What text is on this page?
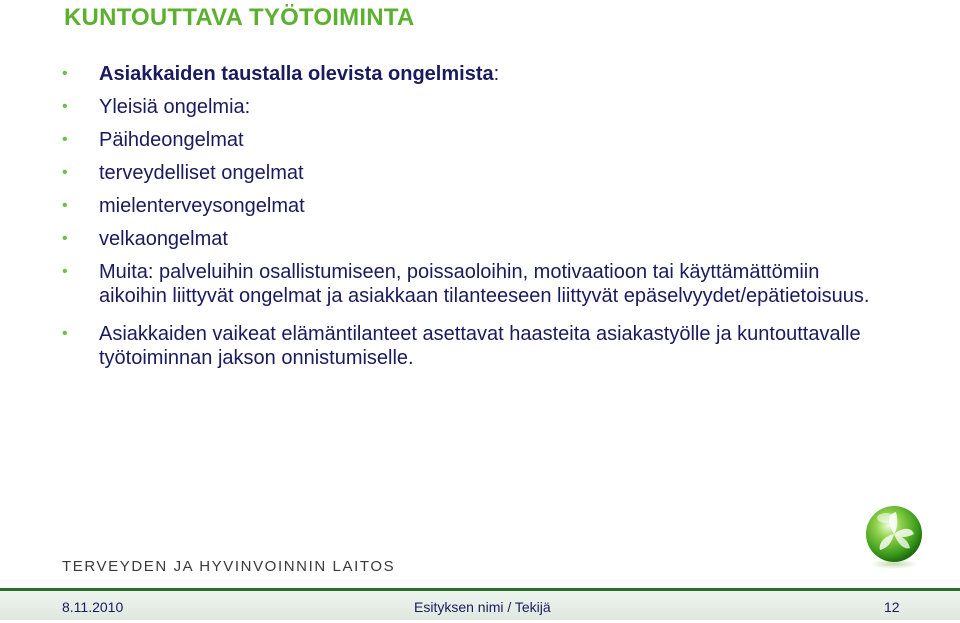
KUNTOUTTAVA TYÖTOIMINTA
• Asiakkaiden taustalla olevista ongelmista:
• Yleisiä ongelmia:
• Päihdeongelmat
• terveydelliset ongelmat
• mielenterveysongelmat
• velkaongelmat
• Muita: palveluihin osallistumiseen, poissaoloihin, motivaatioon tai käyttämättömiin aikoihin liittyvät ongelmat ja asiakkaan tilanteeseen liittyvät epäselvyydet/epätietoisuus.
• Asiakkaiden vaikeat elämäntilanteet asettavat haasteita asiakastyölle ja kuntouttavalle työtoiminnan jakson onnistumiselle.
TERVEYDEN JA HYVINVOINNIN LAITOS
8.11.2010	Esityksen nimi / Tekijä	12
